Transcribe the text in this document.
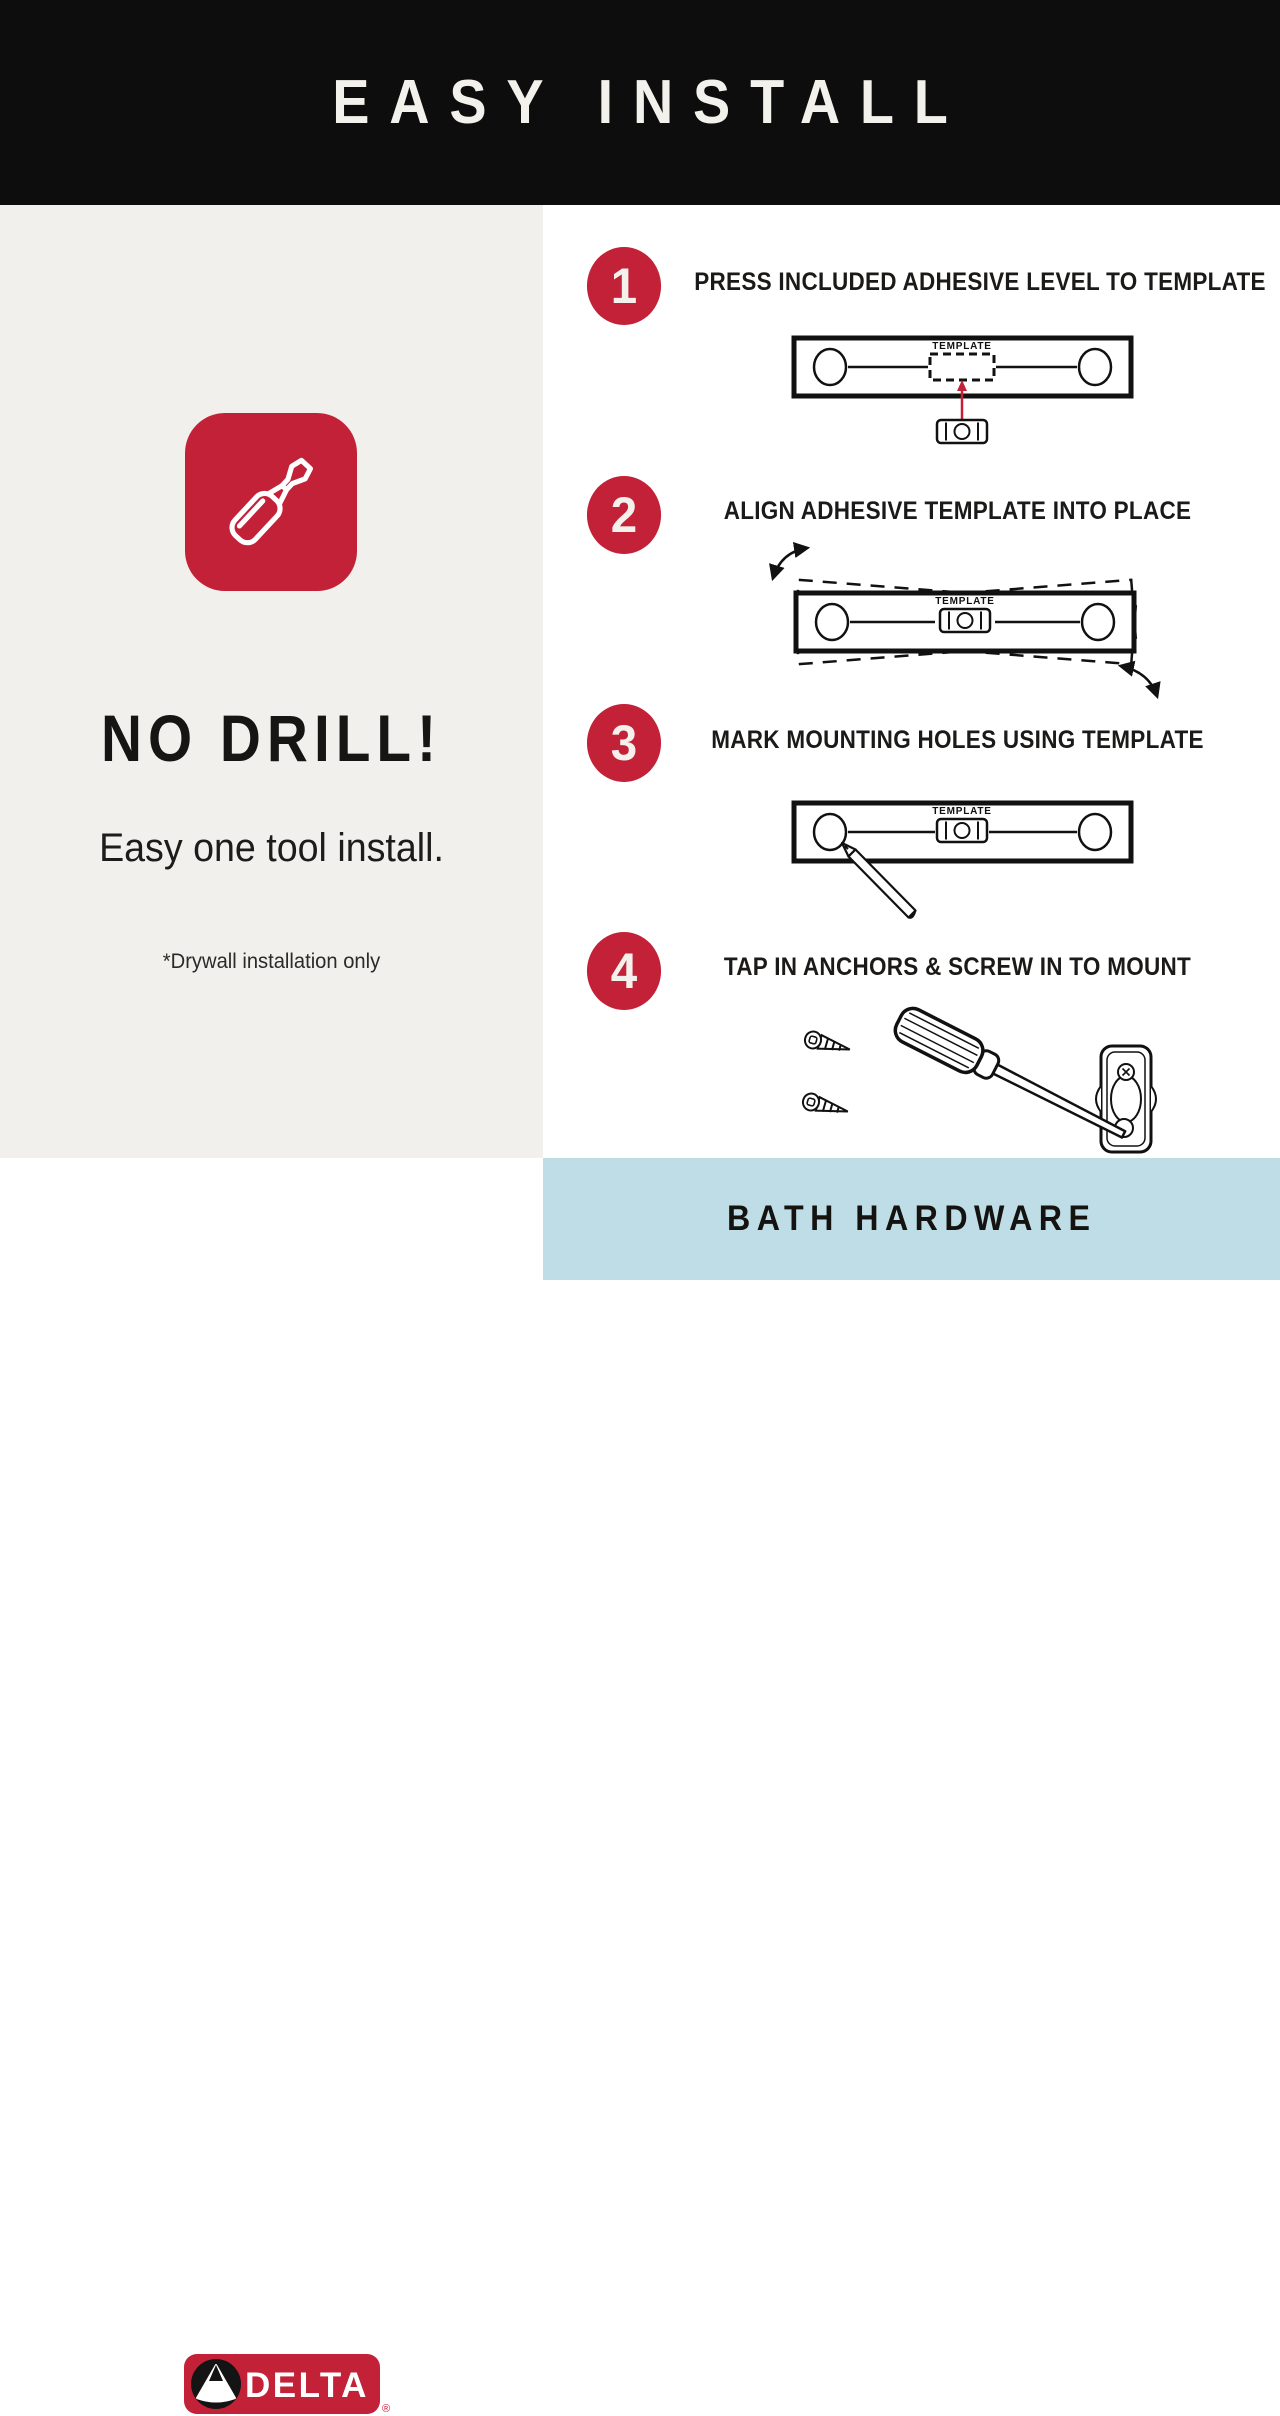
EASY INSTALL
NO DRILL!
Easy one tool install.
*Drywall installation only
1	PRESS INCLUDED ADHESIVE LEVEL TO TEMPLATE
TEMPLATE
2	ALIGN ADHESIVE TEMPLATE INTO PLACE
TEMPLATE
3	MARK MOUNTING HOLES USING TEMPLATE
TEMPLATE
4	TAP IN ANCHORS & SCREW IN TO MOUNT
DELTA
®
BATH HARDWARE
